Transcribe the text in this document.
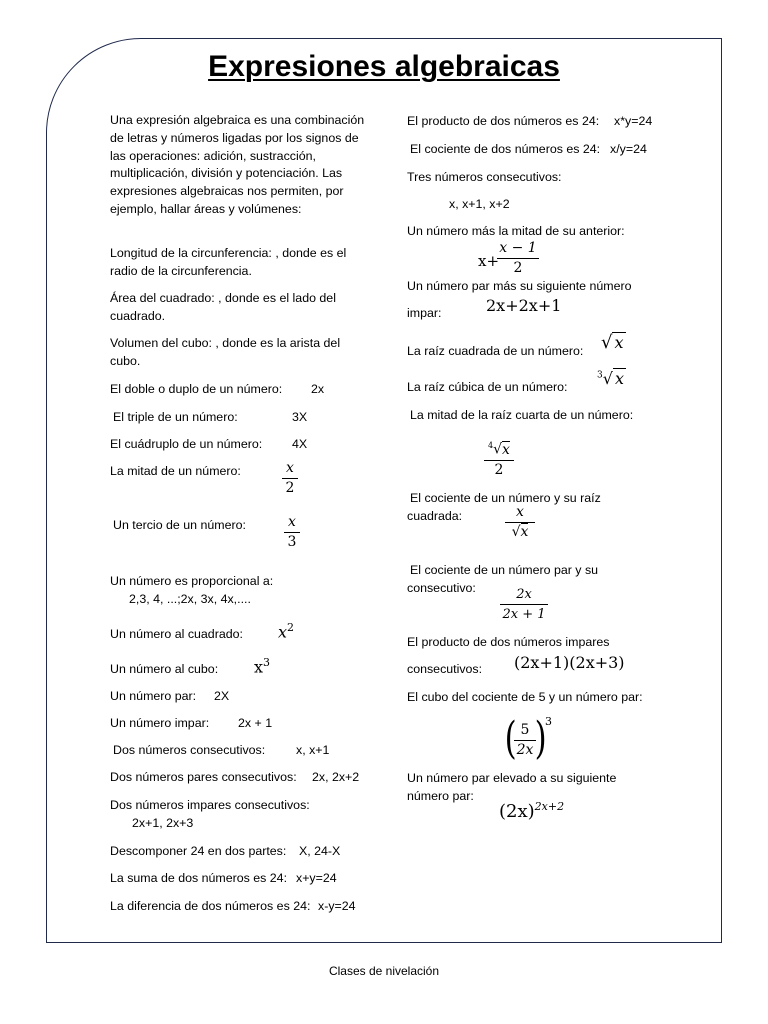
Expresiones algebraicas
Una expresión algebraica es una combinación de letras y números ligadas por los signos de las operaciones: adición, sustracción, multiplicación, división y potenciación. Las expresiones algebraicas nos permiten, por ejemplo, hallar áreas y volúmenes:
Longitud de la circunferencia: , donde es el radio de la circunferencia.
Área del cuadrado: , donde es el lado del cuadrado.
Volumen del cubo: , donde es la arista del cubo.
El doble o duplo de un número: 2x
El triple de un número:	3X
El cuádruplo de un número: 4X
La mitad de un número:	x
2
Un tercio de un número:	x
3
Un número es proporcional a:
2,3, 4, ...;2x, 3x, 4x,....
Un número al cuadrado: $x^2$
Un número al cubo: $x^3$
Un número par: 2X
Un número impar: 2x + 1
Dos números consecutivos: x, x+1
Dos números pares consecutivos: 2x, 2x+2
Dos números impares consecutivos:
2x+1, 2x+3
Descomponer 24 en dos partes: X, 24-X
La suma de dos números es 24: x+y=24
La diferencia de dos números es 24: x-y=24
El producto de dos números es 24: x*y=24
El cociente de dos números es 24: x/y=24
Tres números consecutivos:
x, x+1, x+2
Un número más la mitad de su anterior:
x+
x − 1
2
Un número par más su siguiente número
impar:	2x+2x+1
La raíz cuadrada de un número: √ x
La raíz cúbica de un número:
$^3$√ x
La mitad de la raíz cuarta de un número:
$^4$√x
2
El cociente de un número y su raíz
cuadrada:	x
√x
El cociente de un número par y su
consecutivo:	2x
2x + 1
El producto de dos números impares
consecutivos: (2x+1)(2x+3)
El cubo del cociente de 5 y un número par:
( 5
2x )
3
Un número par elevado a su siguiente
número par:
$(2x)^{2x+2}$
Clases de nivelación
